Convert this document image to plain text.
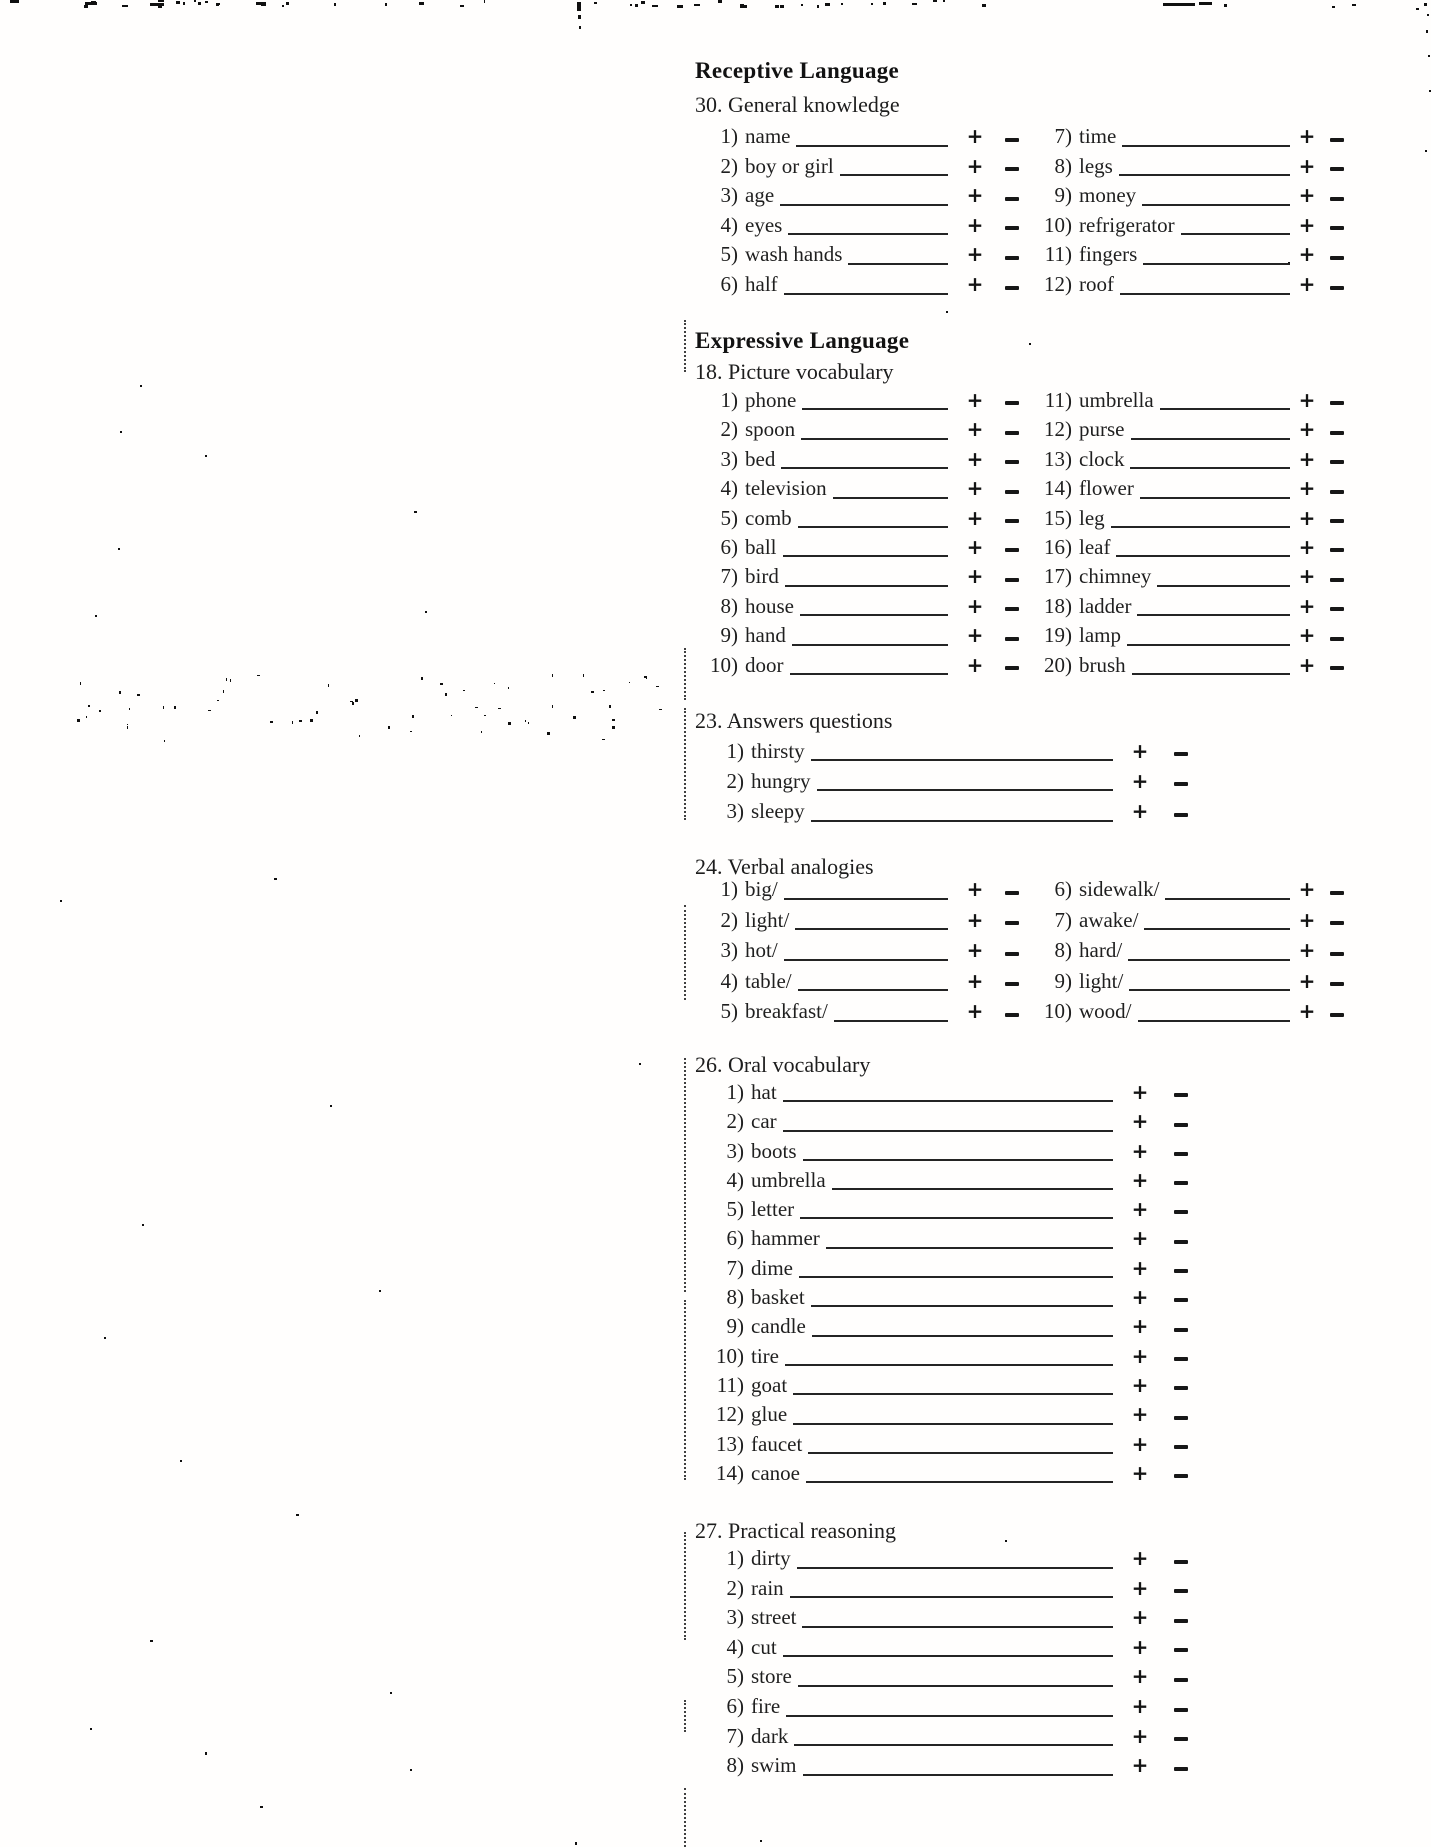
Receptive Language
30. General knowledge
1) name	+	7) time	+
2) boy or girl	+	8) legs	+
3) age	+	9) money	+
4) eyes	+	10) refrigerator	+
5) wash hands	+	11) fingers	+
6) half	+	12) roof	+
Expressive Language
18. Picture vocabulary
1) phone	+	11) umbrella	+
2) spoon	+	12) purse	+
3) bed	+	13) clock	+
4) television	+	14) flower	+
5) comb	+	15) leg	+
6) ball	+	16) leaf	+
7) bird	+	17) chimney	+
8) house	+	18) ladder	+
9) hand	+	19) lamp	+
10) door	+	20) brush	+
23. Answers questions
1) thirsty	+
2) hungry	+
3) sleepy	+
24. Verbal analogies
1) big/	+	6) sidewalk/	+
2) light/	+	7) awake/	+
3) hot/	+	8) hard/	+
4) table/	+	9) light/	+
5) breakfast/	+	10) wood/	+
26. Oral vocabulary
1) hat	+
2) car	+
3) boots	+
4) umbrella	+
5) letter	+
6) hammer	+
7) dime	+
8) basket	+
9) candle	+
10) tire	+
11) goat	+
12) glue	+
13) faucet	+
14) canoe	+
27. Practical reasoning
1) dirty	+
2) rain	+
3) street	+
4) cut	+
5) store	+
6) fire	+
7) dark	+
8) swim	+
